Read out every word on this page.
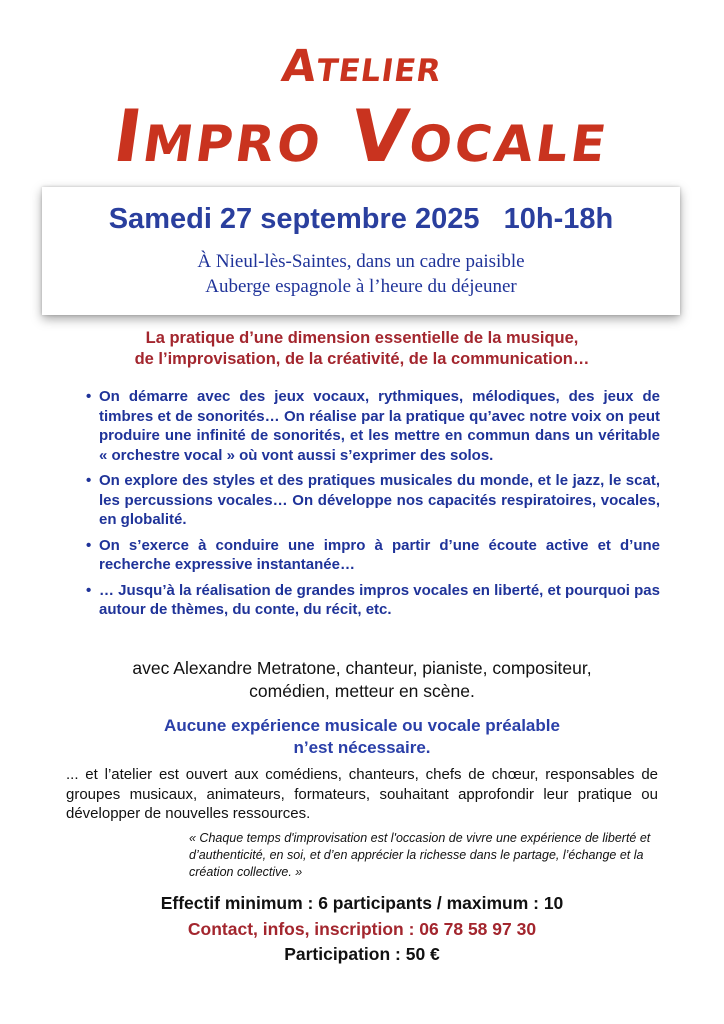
Atelier
Impro Vocale
Samedi 27 septembre 2025 10h-18h
À Nieul-lès-Saintes, dans un cadre paisible
Auberge espagnole à l’heure du déjeuner
La pratique d’une dimension essentielle de la musique,
de l’improvisation, de la créativité, de la communication…
• On démarre avec des jeux vocaux, rythmiques, mélodiques, des jeux de timbres et de sonorités… On réalise par la pratique qu’avec notre voix on peut produire une infinité de sonorités, et les mettre en commun dans un véritable « orchestre vocal » où vont aussi s’exprimer des solos.
• On explore des styles et des pratiques musicales du monde, et le jazz, le scat, les percussions vocales… On développe nos capacités respiratoires, vocales, en globalité.
• On s’exerce à conduire une impro à partir d’une écoute active et d’une recherche expressive instantanée…
• … Jusqu’à la réalisation de grandes impros vocales en liberté, et pourquoi pas autour de thèmes, du conte, du récit, etc.
avec Alexandre Metratone, chanteur, pianiste, compositeur,
comédien, metteur en scène.
Aucune expérience musicale ou vocale préalable
n’est nécessaire.
... et l’atelier est ouvert aux comédiens, chanteurs, chefs de chœur, responsables de groupes musicaux, animateurs, formateurs, souhaitant approfondir leur pratique ou développer de nouvelles ressources.
« Chaque temps d'improvisation est l'occasion de vivre une expérience de liberté et d’authenticité, en soi, et d’en apprécier la richesse dans le partage, l’échange et la création collective. »
Effectif minimum : 6 participants / maximum : 10
Contact, infos, inscription : 06 78 58 97 30
Participation : 50 €
